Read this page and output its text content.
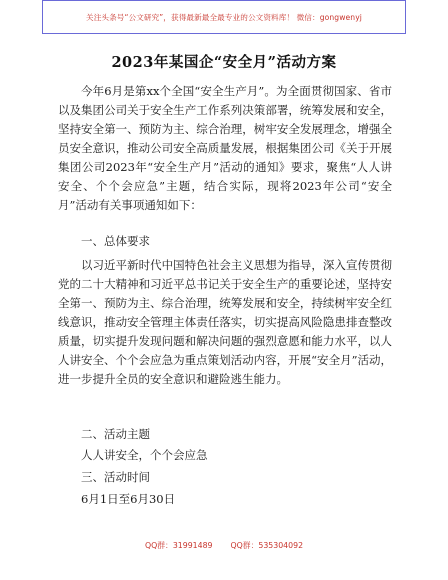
关注头条号“公文研究”，获得最新最全最专业的公文资料库！ 微信：gongwenyj
2023年某国企“安全月”活动方案
今年6月是第xx个全国“安全生产月”。为全面贯彻国家、省市以及集团公司关于安全生产工作系列决策部署，统筹发展和安全，坚持安全第一、预防为主、综合治理，树牢安全发展理念，增强全员安全意识，推动公司安全高质量发展，根据集团公司《关于开展集团公司2023年“安全生产月”活动的通知》要求，聚焦“人人讲安全、个个会应急”主题，结合实际，现将2023年公司“安全月”活动有关事项通知如下：
一、总体要求
以习近平新时代中国特色社会主义思想为指导，深入宣传贯彻党的二十大精神和习近平总书记关于安全生产的重要论述，坚持安全第一、预防为主、综合治理，统筹发展和安全，持续树牢安全红线意识，推动安全管理主体责任落实，切实提高风险隐患排查整改质量，切实提升发现问题和解决问题的强烈意愿和能力水平，以人人讲安全、个个会应急为重点策划活动内容，开展“安全月”活动，进一步提升全员的安全意识和避险逃生能力。
二、活动主题
人人讲安全，个个会应急
三、活动时间
6月1日至6月30日
QQ群：31991489 QQ群：535304092
